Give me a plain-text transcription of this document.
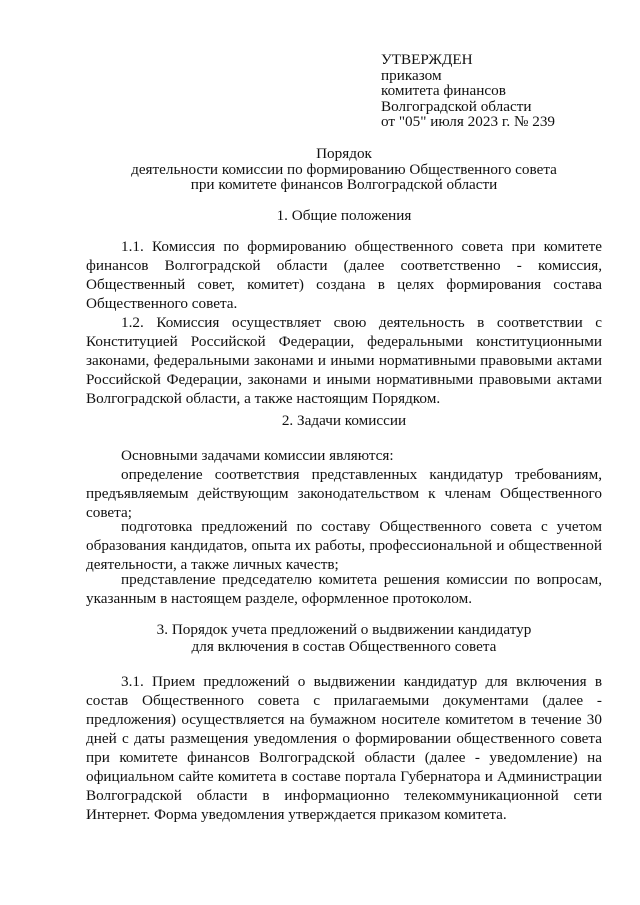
УТВЕРЖДЕН
приказом
комитета финансов
Волгоградской области
от "05" июля 2023 г. № 239
Порядок
деятельности комиссии по формированию Общественного совета
при комитете финансов Волгоградской области
1. Общие положения

1.1. Комиссия по формированию общественного совета при комитете финансов Волгоградской области (далее соответственно - комиссия, Общественный совет, комитет) создана в целях формирования состава Общественного совета.

1.2. Комиссия осуществляет свою деятельность в соответствии с Конституцией Российской Федерации, федеральными конституционными законами, федеральными законами и иными нормативными правовыми актами Российской Федерации, законами и иными нормативными правовыми актами Волгоградской области, а также настоящим Порядком.

2. Задачи комиссии

Основными задачами комиссии являются:

определение соответствия представленных кандидатур требованиям, предъявляемым действующим законодательством к членам Общественного совета;

подготовка предложений по составу Общественного совета с учетом образования кандидатов, опыта их работы, профессиональной и общественной деятельности, а также личных качеств;

представление председателю комитета решения комиссии по вопросам, указанным в настоящем разделе, оформленное протоколом.

3. Порядок учета предложений о выдвижении кандидатур
для включения в состав Общественного совета

3.1. Прием предложений о выдвижении кандидатур для включения в состав Общественного совета с прилагаемыми документами (далее - предложения) осуществляется на бумажном носителе комитетом в течение 30 дней с даты размещения уведомления о формировании общественного совета при комитете финансов Волгоградской области (далее - уведомление) на официальном сайте комитета в составе портала Губернатора и Администрации Волгоградской области в информационно телекоммуникационной сети Интернет. Форма уведомления утверждается приказом комитета.
